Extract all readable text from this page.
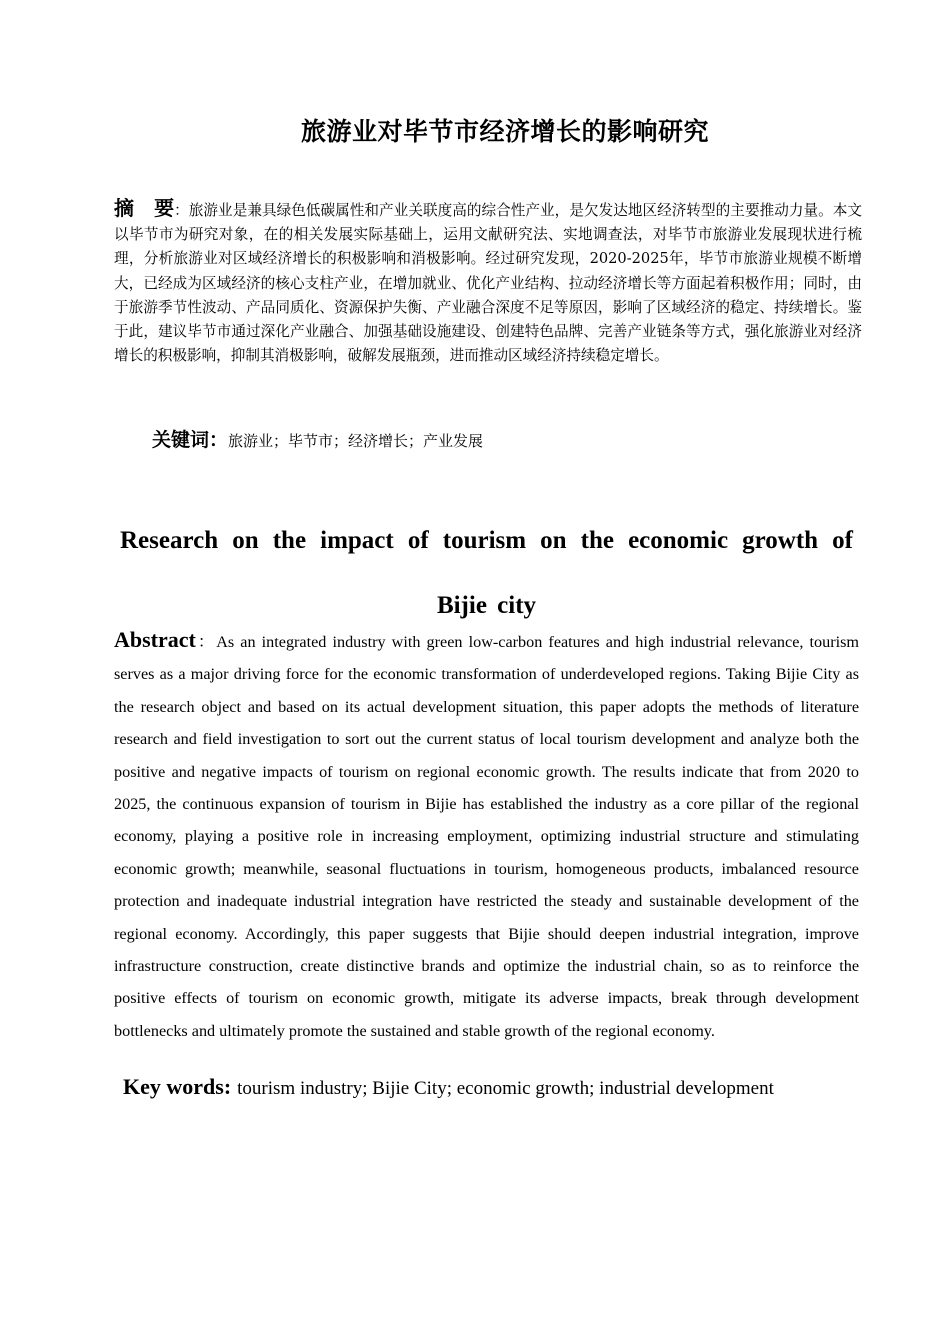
旅游业对毕节市经济增长的影响研究
摘　要：旅游业是兼具绿色低碳属性和产业关联度高的综合性产业，是欠发达地区经济转型的主要推动力量。本文以毕节市为研究对象，在的相关发展实际基础上，运用文献研究法、实地调查法，对毕节市旅游业发展现状进行梳理，分析旅游业对区域经济增长的积极影响和消极影响。经过研究发现，2020-2025年，毕节市旅游业规模不断增大，已经成为区域经济的核心支柱产业，在增加就业、优化产业结构、拉动经济增长等方面起着积极作用；同时，由于旅游季节性波动、产品同质化、资源保护失衡、产业融合深度不足等原因，影响了区域经济的稳定、持续增长。鉴于此，建议毕节市通过深化产业融合、加强基础设施建设、创建特色品牌、完善产业链条等方式，强化旅游业对经济增长的积极影响，抑制其消极影响，破解发展瓶颈，进而推动区域经济持续稳定增长。
关键词：旅游业；毕节市；经济增长；产业发展
Research on the impact of tourism on the economic growth of
Bijie city
Abstract：As an integrated industry with green low-carbon features and high industrial relevance, tourism serves as a major driving force for the economic transformation of underdeveloped regions. Taking Bijie City as the research object and based on its actual development situation, this paper adopts the methods of literature research and field investigation to sort out the current status of local tourism development and analyze both the positive and negative impacts of tourism on regional economic growth. The results indicate that from 2020 to 2025, the continuous expansion of tourism in Bijie has established the industry as a core pillar of the regional economy, playing a positive role in increasing employment, optimizing industrial structure and stimulating economic growth; meanwhile, seasonal fluctuations in tourism, homogeneous products, imbalanced resource protection and inadequate industrial integration have restricted the steady and sustainable development of the regional economy. Accordingly, this paper suggests that Bijie should deepen industrial integration, improve infrastructure construction, create distinctive brands and optimize the industrial chain, so as to reinforce the positive effects of tourism on economic growth, mitigate its adverse impacts, break through development bottlenecks and ultimately promote the sustained and stable growth of the regional economy.
Key words: tourism industry; Bijie City; economic growth; industrial development
